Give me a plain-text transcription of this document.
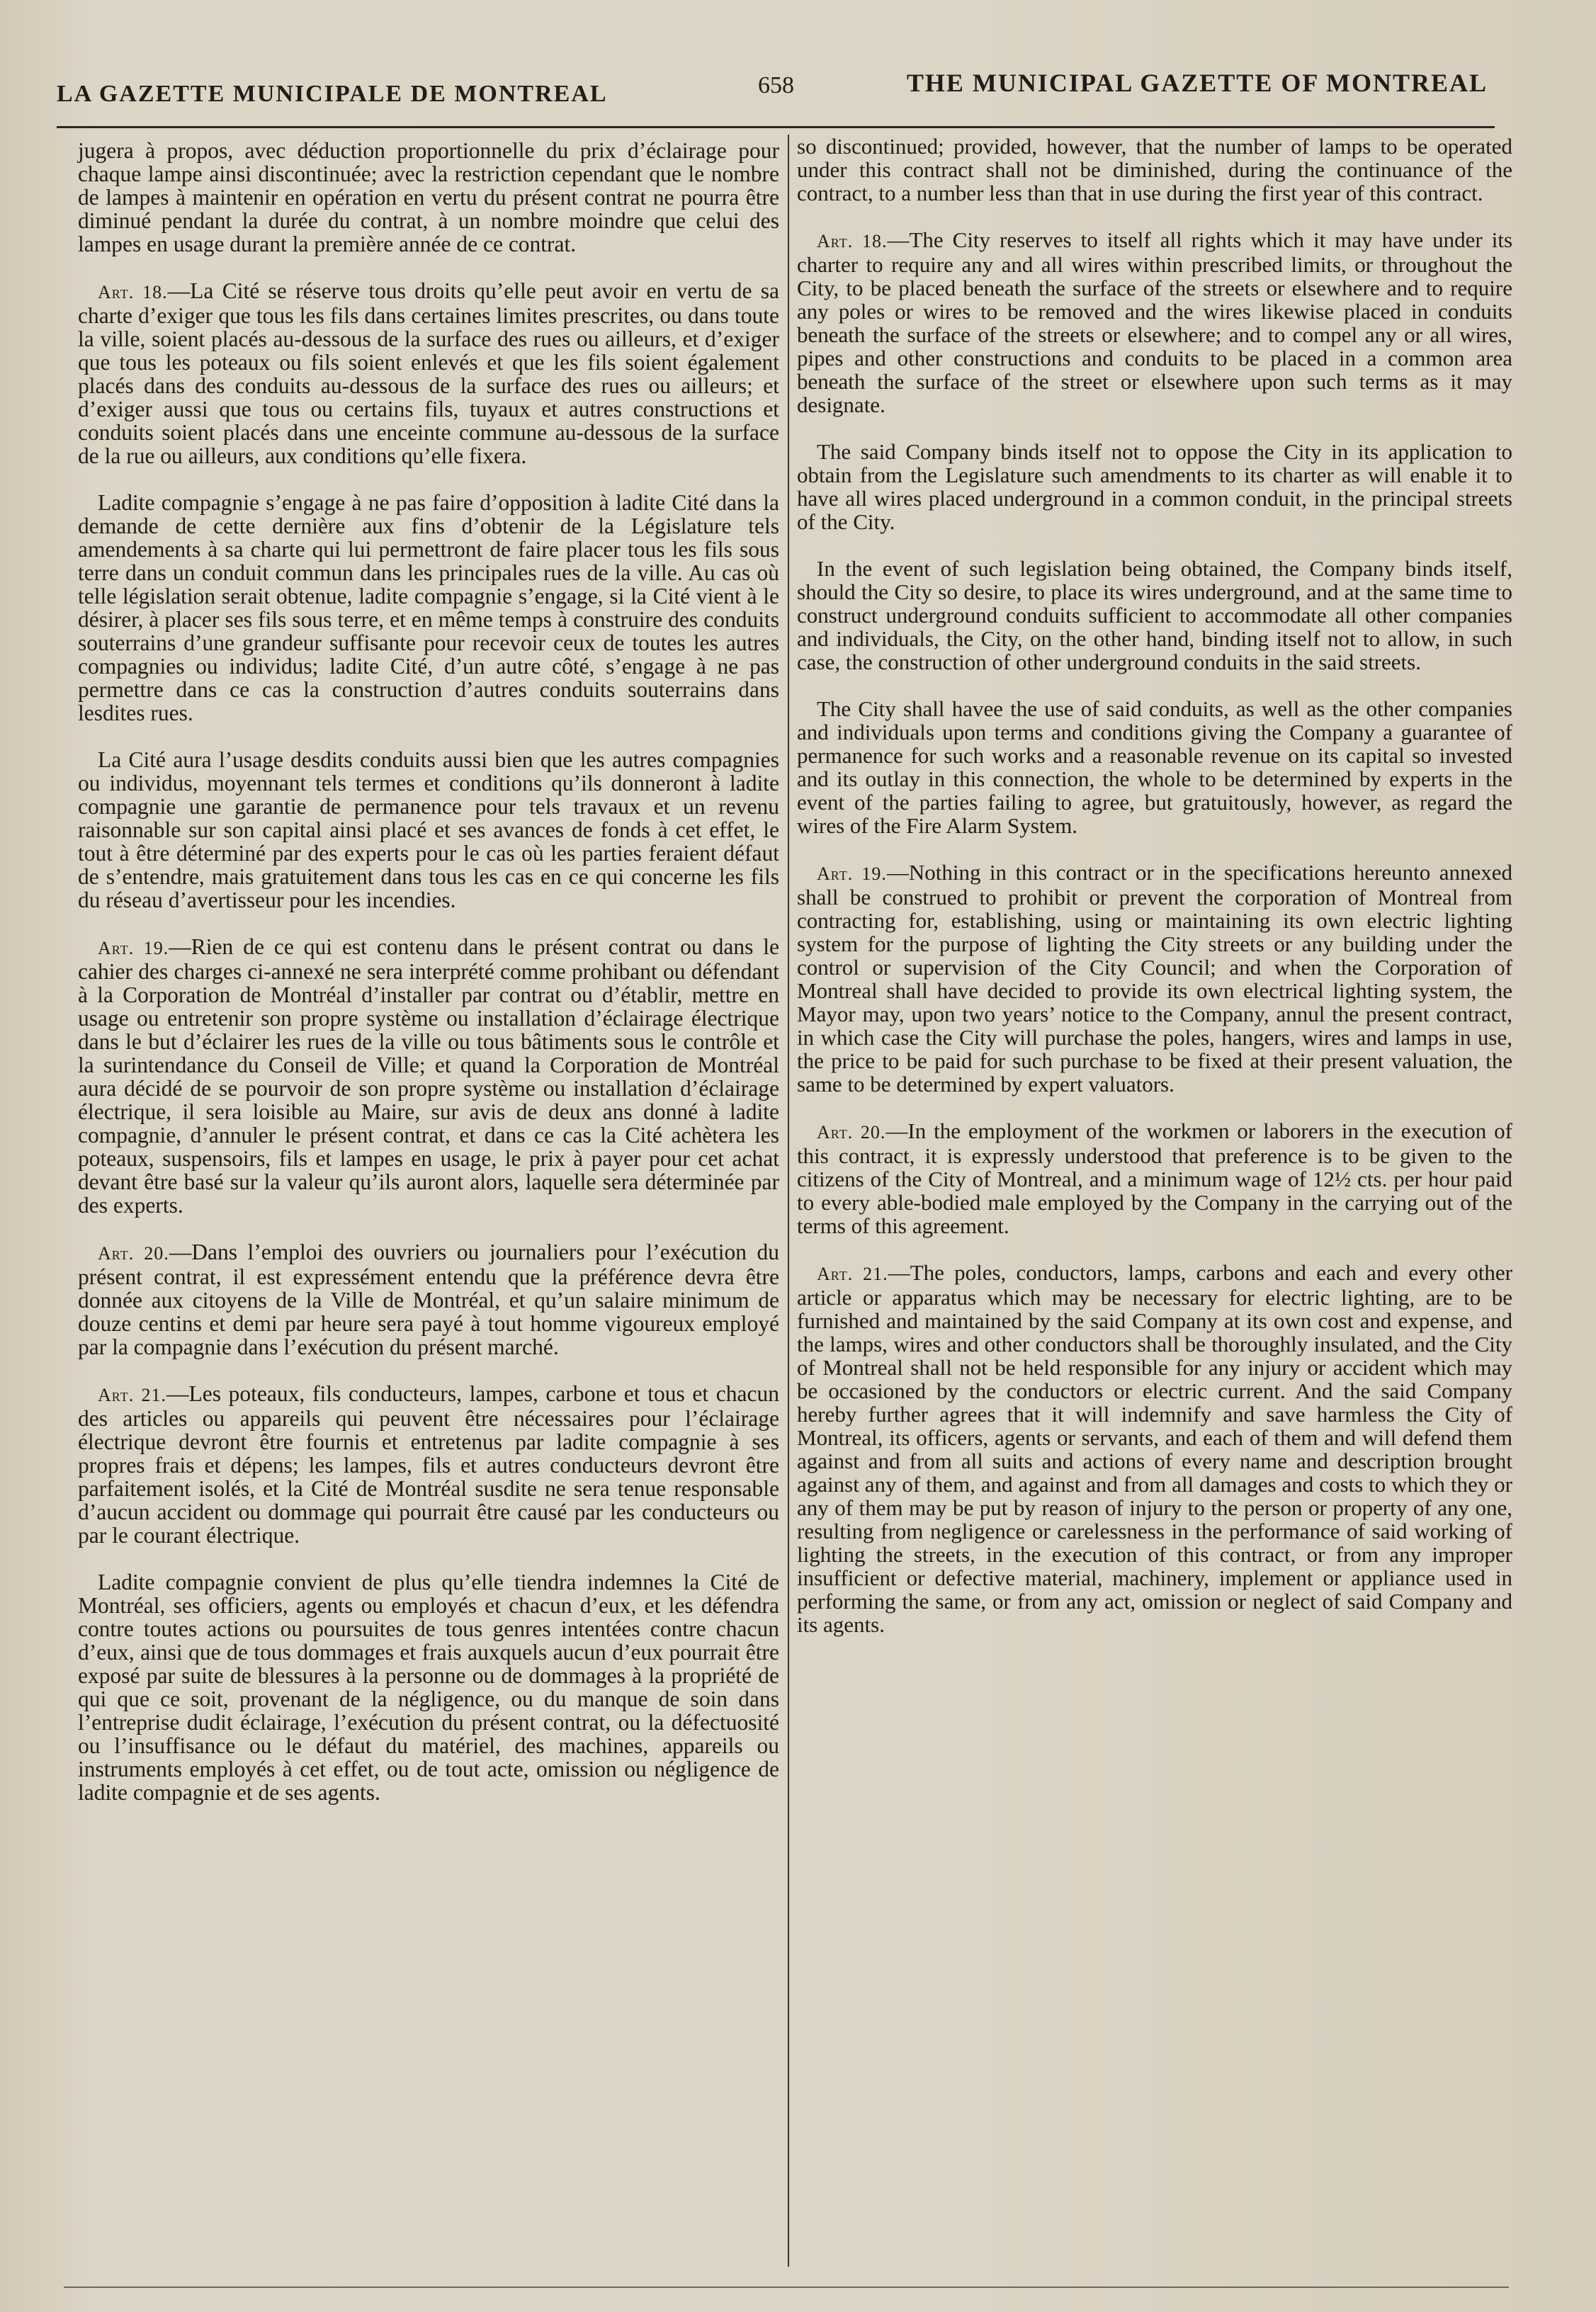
LA GAZETTE MUNICIPALE DE MONTREAL	658	THE MUNICIPAL GAZETTE OF MONTREAL

jugera à propos, avec déduction proportionnelle du prix d’éclairage pour chaque lampe ainsi discontinuée; avec la restriction cependant que le nombre de lampes à maintenir en opération en vertu du présent contrat ne pourra être diminué pendant la durée du contrat, à un nombre moindre que celui des lampes en usage durant la première année de ce contrat.

Art. 18.—La Cité se réserve tous droits qu’elle peut avoir en vertu de sa charte d’exiger que tous les fils dans certaines limites prescrites, ou dans toute la ville, soient placés au-dessous de la surface des rues ou ailleurs, et d’exiger que tous les poteaux ou fils soient enlevés et que les fils soient également placés dans des conduits au-dessous de la surface des rues ou ailleurs; et d’exiger aussi que tous ou certains fils, tuyaux et autres constructions et conduits soient placés dans une enceinte commune au-dessous de la surface de la rue ou ailleurs, aux conditions qu’elle fixera.

Ladite compagnie s’engage à ne pas faire d’opposition à ladite Cité dans la demande de cette dernière aux fins d’obtenir de la Législature tels amendements à sa charte qui lui permettront de faire placer tous les fils sous terre dans un conduit commun dans les principales rues de la ville. Au cas où telle législation serait obtenue, ladite compagnie s’engage, si la Cité vient à le désirer, à placer ses fils sous terre, et en même temps à construire des conduits souterrains d’une grandeur suffisante pour recevoir ceux de toutes les autres compagnies ou individus; ladite Cité, d’un autre côté, s’engage à ne pas permettre dans ce cas la construction d’autres conduits souterrains dans lesdites rues.

La Cité aura l’usage desdits conduits aussi bien que les autres compagnies ou individus, moyennant tels termes et conditions qu’ils donneront à ladite compagnie une garantie de permanence pour tels travaux et un revenu raisonnable sur son capital ainsi placé et ses avances de fonds à cet effet, le tout à être déterminé par des experts pour le cas où les parties feraient défaut de s’entendre, mais gratuitement dans tous les cas en ce qui concerne les fils du réseau d’avertisseur pour les incendies.

Art. 19.—Rien de ce qui est contenu dans le présent contrat ou dans le cahier des charges ci-annexé ne sera interprété comme prohibant ou défendant à la Corporation de Montréal d’installer par contrat ou d’établir, mettre en usage ou entretenir son propre système ou installation d’éclairage électrique dans le but d’éclairer les rues de la ville ou tous bâtiments sous le contrôle et la surintendance du Conseil de Ville; et quand la Corporation de Montréal aura décidé de se pourvoir de son propre système ou installation d’éclairage électrique, il sera loisible au Maire, sur avis de deux ans donné à ladite compagnie, d’annuler le présent contrat, et dans ce cas la Cité achètera les poteaux, suspensoirs, fils et lampes en usage, le prix à payer pour cet achat devant être basé sur la valeur qu’ils auront alors, laquelle sera déterminée par des experts.

Art. 20.—Dans l’emploi des ouvriers ou journaliers pour l’exécution du présent contrat, il est expressément entendu que la préférence devra être donnée aux citoyens de la Ville de Montréal, et qu’un salaire minimum de douze centins et demi par heure sera payé à tout homme vigoureux employé par la compagnie dans l’exécution du présent marché.

Art. 21.—Les poteaux, fils conducteurs, lampes, carbone et tous et chacun des articles ou appareils qui peuvent être nécessaires pour l’éclairage électrique devront être fournis et entretenus par ladite compagnie à ses propres frais et dépens; les lampes, fils et autres conducteurs devront être parfaitement isolés, et la Cité de Montréal susdite ne sera tenue responsable d’aucun accident ou dommage qui pourrait être causé par les conducteurs ou par le courant électrique.

Ladite compagnie convient de plus qu’elle tiendra indemnes la Cité de Montréal, ses officiers, agents ou employés et chacun d’eux, et les défendra contre toutes actions ou poursuites de tous genres intentées contre chacun d’eux, ainsi que de tous dommages et frais auxquels aucun d’eux pourrait être exposé par suite de blessures à la personne ou de dommages à la propriété de qui que ce soit, provenant de la négligence, ou du manque de soin dans l’entreprise dudit éclairage, l’exécution du présent contrat, ou la défectuosité ou l’insuffisance ou le défaut du matériel, des machines, appareils ou instruments employés à cet effet, ou de tout acte, omission ou négligence de ladite compagnie et de ses agents.

so discontinued; provided, however, that the number of lamps to be operated under this contract shall not be diminished, during the continuance of the contract, to a number less than that in use during the first year of this contract.

Art. 18.—The City reserves to itself all rights which it may have under its charter to require any and all wires within prescribed limits, or throughout the City, to be placed beneath the surface of the streets or elsewhere and to require any poles or wires to be removed and the wires likewise placed in conduits beneath the surface of the streets or elsewhere; and to compel any or all wires, pipes and other constructions and conduits to be placed in a common area beneath the surface of the street or elsewhere upon such terms as it may designate.

The said Company binds itself not to oppose the City in its application to obtain from the Legislature such amendments to its charter as will enable it to have all wires placed underground in a common conduit, in the principal streets of the City.

In the event of such legislation being obtained, the Company binds itself, should the City so desire, to place its wires underground, and at the same time to construct underground conduits sufficient to accommodate all other companies and individuals, the City, on the other hand, binding itself not to allow, in such case, the construction of other underground conduits in the said streets.

The City shall havee the use of said conduits, as well as the other companies and individuals upon terms and conditions giving the Company a guarantee of permanence for such works and a reasonable revenue on its capital so invested and its outlay in this connection, the whole to be determined by experts in the event of the parties failing to agree, but gratuitously, however, as regard the wires of the Fire Alarm System.

Art. 19.—Nothing in this contract or in the specifications hereunto annexed shall be construed to prohibit or prevent the corporation of Montreal from contracting for, establishing, using or maintaining its own electric lighting system for the purpose of lighting the City streets or any building under the control or supervision of the City Council; and when the Corporation of Montreal shall have decided to provide its own electrical lighting system, the Mayor may, upon two years’ notice to the Company, annul the present contract, in which case the City will purchase the poles, hangers, wires and lamps in use, the price to be paid for such purchase to be fixed at their present valuation, the same to be determined by expert valuators.

Art. 20.—In the employment of the workmen or laborers in the execution of this contract, it is expressly understood that preference is to be given to the citizens of the City of Montreal, and a minimum wage of 12½ cts. per hour paid to every able-bodied male employed by the Company in the carrying out of the terms of this agreement.

Art. 21.—The poles, conductors, lamps, carbons and each and every other article or apparatus which may be necessary for electric lighting, are to be furnished and maintained by the said Company at its own cost and expense, and the lamps, wires and other conductors shall be thoroughly insulated, and the City of Montreal shall not be held responsible for any injury or accident which may be occasioned by the conductors or electric current. And the said Company hereby further agrees that it will indemnify and save harmless the City of Montreal, its officers, agents or servants, and each of them and will defend them against and from all suits and actions of every name and description brought against any of them, and against and from all damages and costs to which they or any of them may be put by reason of injury to the person or property of any one, resulting from negligence or carelessness in the performance of said working of lighting the streets, in the execution of this contract, or from any improper insufficient or defective material, machinery, implement or appliance used in performing the same, or from any act, omission or neglect of said Company and its agents.
